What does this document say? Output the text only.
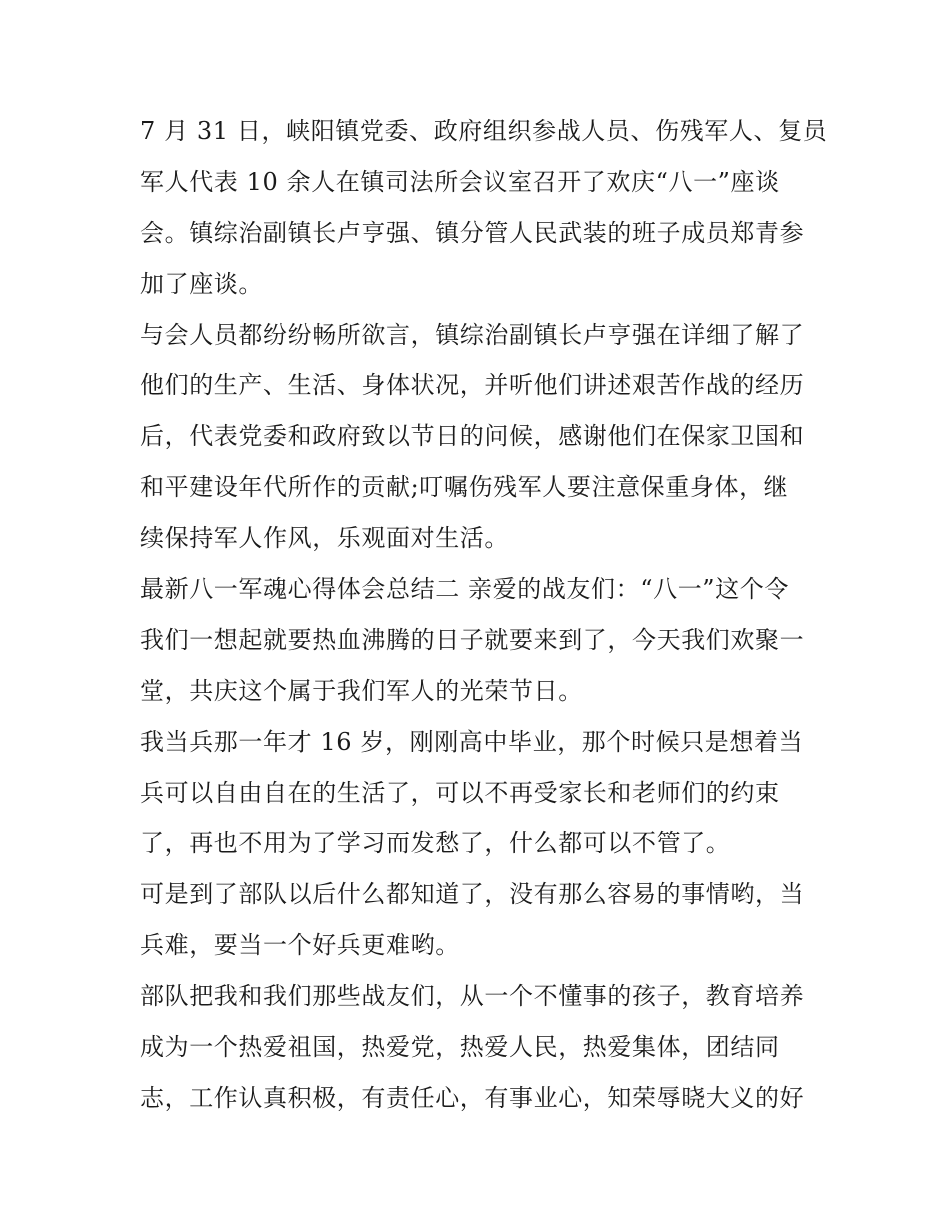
7 月 31 日，峡阳镇党委、政府组织参战人员、伤残军人、复员
军人代表 10 余人在镇司法所会议室召开了欢庆“八一”座谈
会。镇综治副镇长卢亨强、镇分管人民武装的班子成员郑青参
加了座谈。
与会人员都纷纷畅所欲言，镇综治副镇长卢亨强在详细了解了
他们的生产、生活、身体状况，并听他们讲述艰苦作战的经历
后，代表党委和政府致以节日的问候，感谢他们在保家卫国和
和平建设年代所作的贡献;叮嘱伤残军人要注意保重身体，继
续保持军人作风，乐观面对生活。
最新八一军魂心得体会总结二 亲爱的战友们：“八一”这个令
我们一想起就要热血沸腾的日子就要来到了，今天我们欢聚一
堂，共庆这个属于我们军人的光荣节日。
我当兵那一年才 16 岁，刚刚高中毕业，那个时候只是想着当
兵可以自由自在的生活了，可以不再受家长和老师们的约束
了，再也不用为了学习而发愁了，什么都可以不管了。
可是到了部队以后什么都知道了，没有那么容易的事情哟，当
兵难，要当一个好兵更难哟。
部队把我和我们那些战友们，从一个不懂事的孩子，教育培养
成为一个热爱祖国，热爱党，热爱人民，热爱集体，团结同
志，工作认真积极，有责任心，有事业心，知荣辱晓大义的好
